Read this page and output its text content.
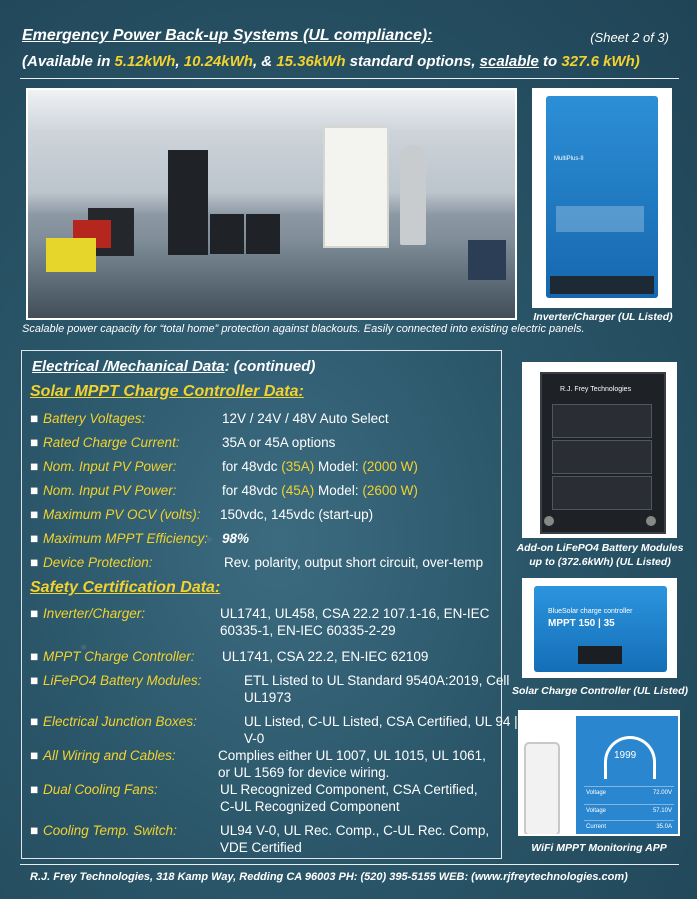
Emergency Power Back-up Systems (UL compliance):	(Sheet 2 of 3)
(Available in 5.12kWh, 10.24kWh, & 15.36kWh standard options, scalable to 327.6 kWh)
MultiPlus-II
Inverter/Charger (UL Listed)
Scalable power capacity for “total home” protection against blackouts. Easily connected into existing electric panels.
Electrical /Mechanical Data: (continued)
Solar MPPT Charge Controller Data:
■ Battery Voltages:	12V / 24V / 48V Auto Select
■ Rated Charge Current:	35A or 45A options
■ Nom. Input PV Power:	for 48vdc (35A) Model: (2000 W)
■ Nom. Input PV Power:	for 48vdc (45A) Model: (2600 W)
■ Maximum PV OCV (volts): 150vdc, 145vdc (start-up)
■ Maximum MPPT Efficiency: 98%
■ Device Protection:	Rev. polarity, output short circuit, over-temp
Safety Certification Data:
■ Inverter/Charger:	UL1741, UL458, CSA 22.2 107.1-16, EN-IEC
60335-1, EN-IEC 60335-2-29
■ MPPT Charge Controller: UL1741, CSA 22.2, EN-IEC 62109
■ LiFePO4 Battery Modules:	ETL Listed to UL Standard 9540A:2019, Cell
UL1973
■ Electrical Junction Boxes:	UL Listed, C-UL Listed, CSA Certified, UL 94 |
V-0
■ All Wiring and Cables:	Complies either UL 1007, UL 1015, UL 1061,
or UL 1569 for device wiring.
■ Dual Cooling Fans:	UL Recognized Component, CSA Certified,
C-UL Recognized Component
■ Cooling Temp. Switch:	UL94 V-0, UL Rec. Comp., C-UL Rec. Comp,
VDE Certified
R.J. Frey Technologies
Add-on LiFePO4 Battery Modules
up to (372.6kWh) (UL Listed)
BlueSolar charge controller
MPPT 150 | 35
Solar Charge Controller (UL Listed)
1999
Voltage	72.00V
Voltage	57.10V
Current	35.0A
WiFi MPPT Monitoring APP
R.J. Frey Technologies, 318 Kamp Way, Redding CA 96003 PH: (520) 395-5155 WEB: (www.rjfreytechnologies.com)
